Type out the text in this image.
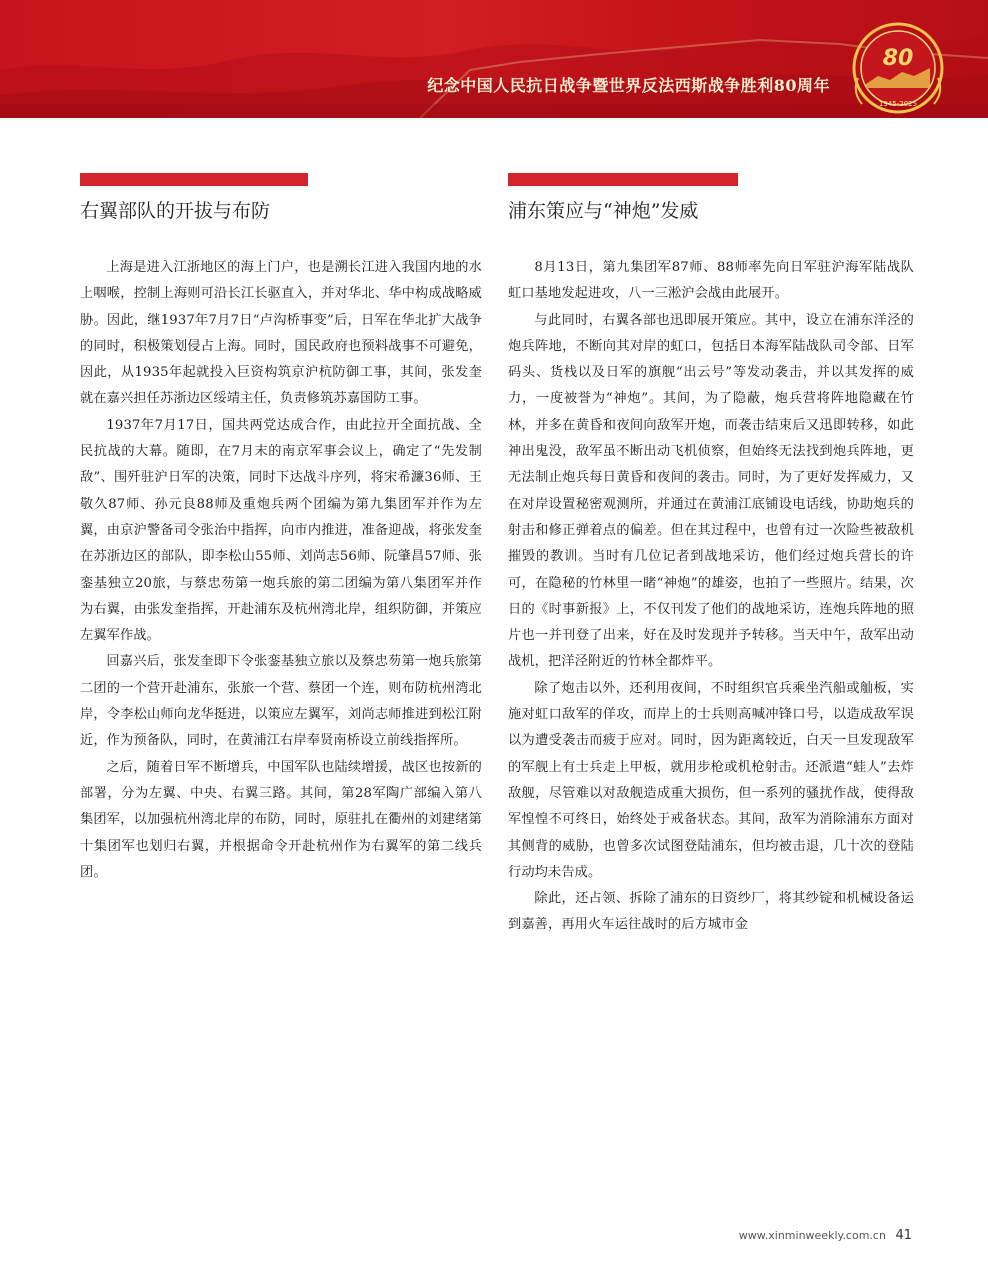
纪念中国人民抗日战争暨世界反法西斯战争胜利80周年
80
1945-2025
右翼部队的开拔与布防

上海是进入江浙地区的海上门户，也是溯长江进入我国内地的水上咽喉，控制上海则可沿长江长驱直入，并对华北、华中构成战略威胁。因此，继1937年7月7日“卢沟桥事变”后，日军在华北扩大战争的同时，积极策划侵占上海。同时，国民政府也预料战事不可避免，因此，从1935年起就投入巨资构筑京沪杭防御工事，其间，张发奎就在嘉兴担任苏浙边区绥靖主任，负责修筑苏嘉国防工事。

1937年7月17日，国共两党达成合作，由此拉开全面抗战、全民抗战的大幕。随即，在7月末的南京军事会议上，确定了“先发制敌”、围歼驻沪日军的决策，同时下达战斗序列，将宋希濂36师、王敬久87师、孙元良88师及重炮兵两个团编为第九集团军并作为左翼，由京沪警备司令张治中指挥，向市内推进，准备迎战，将张发奎在苏浙边区的部队，即李松山55师、刘尚志56师、阮肇昌57师、张銮基独立20旅，与蔡忠芴第一炮兵旅的第二团编为第八集团军并作为右翼，由张发奎指挥，开赴浦东及杭州湾北岸，组织防御，并策应左翼军作战。

回嘉兴后，张发奎即下令张銮基独立旅以及蔡忠芴第一炮兵旅第二团的一个营开赴浦东，张旅一个营、蔡团一个连，则布防杭州湾北岸，令李松山师向龙华挺进，以策应左翼军，刘尚志师推进到松江附近，作为预备队，同时，在黄浦江右岸奉贤南桥设立前线指挥所。

之后，随着日军不断增兵，中国军队也陆续增援，战区也按新的部署，分为左翼、中央、右翼三路。其间，第28军陶广部编入第八集团军，以加强杭州湾北岸的布防，同时，原驻扎在衢州的刘建绪第十集团军也划归右翼，并根据命令开赴杭州作为右翼军的第二线兵团。

浦东策应与“神炮”发威

8月13日，第九集团军87师、88师率先向日军驻沪海军陆战队虹口基地发起进攻，八一三淞沪会战由此展开。

与此同时，右翼各部也迅即展开策应。其中，设立在浦东洋泾的炮兵阵地，不断向其对岸的虹口，包括日本海军陆战队司令部、日军码头、货栈以及日军的旗舰“出云号”等发动袭击，并以其发挥的威力，一度被誉为“神炮”。其间，为了隐蔽，炮兵营将阵地隐藏在竹林，并多在黄昏和夜间向敌军开炮，而袭击结束后又迅即转移，如此神出鬼没，敌军虽不断出动飞机侦察，但始终无法找到炮兵阵地，更无法制止炮兵每日黄昏和夜间的袭击。同时，为了更好发挥威力，又在对岸设置秘密观测所，并通过在黄浦江底铺设电话线，协助炮兵的射击和修正弹着点的偏差。但在其过程中，也曾有过一次险些被敌机摧毁的教训。当时有几位记者到战地采访，他们经过炮兵营长的许可，在隐秘的竹林里一睹“神炮”的雄姿，也拍了一些照片。结果，次日的《时事新报》上，不仅刊发了他们的战地采访，连炮兵阵地的照片也一并刊登了出来，好在及时发现并予转移。当天中午，敌军出动战机，把洋泾附近的竹林全都炸平。

除了炮击以外，还利用夜间，不时组织官兵乘坐汽船或舢板，实施对虹口敌军的佯攻，而岸上的士兵则高喊冲锋口号，以造成敌军误以为遭受袭击而疲于应对。同时，因为距离较近，白天一旦发现敌军的军舰上有士兵走上甲板，就用步枪或机枪射击。还派遣“蛙人”去炸敌舰，尽管难以对敌舰造成重大损伤，但一系列的骚扰作战，使得敌军惶惶不可终日，始终处于戒备状态。其间，敌军为消除浦东方面对其侧背的威胁，也曾多次试图登陆浦东，但均被击退，几十次的登陆行动均未告成。

除此，还占领、拆除了浦东的日资纱厂，将其纱锭和机械设备运到嘉善，再用火车运往战时的后方城市金

www.xinminweekly.com.cn 41
